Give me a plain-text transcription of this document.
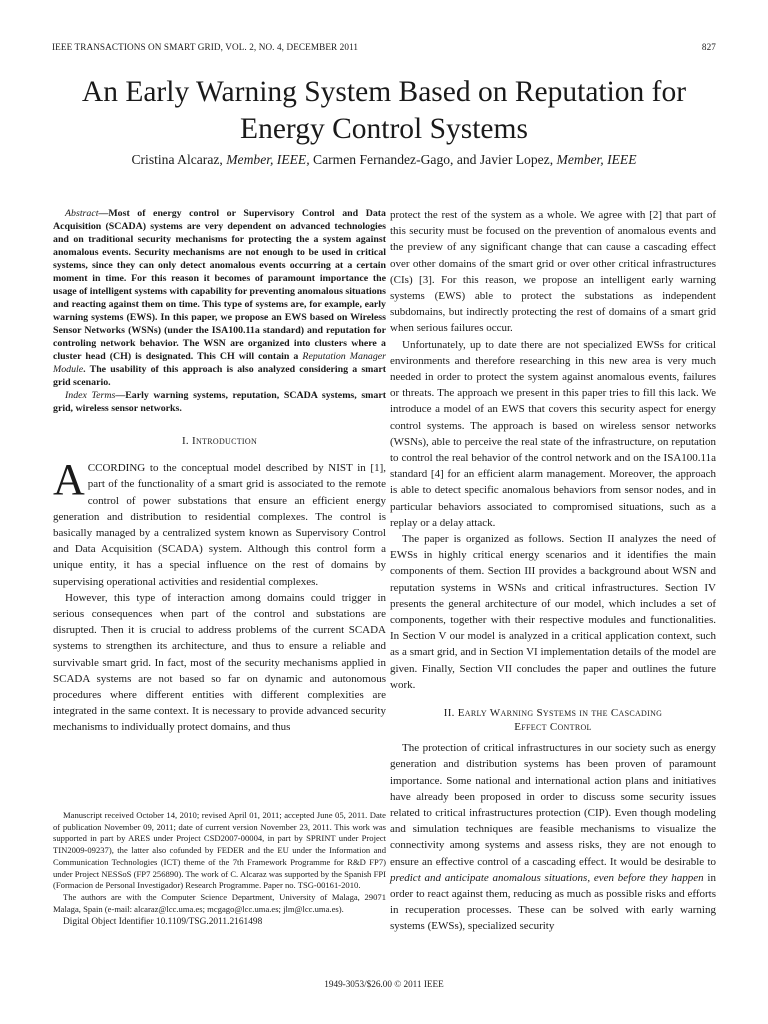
IEEE TRANSACTIONS ON SMART GRID, VOL. 2, NO. 4, DECEMBER 2011	827
An Early Warning System Based on Reputation for
Energy Control Systems

Cristina Alcaraz, Member, IEEE, Carmen Fernandez-Gago, and Javier Lopez, Member, IEEE

Abstract—Most of energy control or Supervisory Control and Data Acquisition (SCADA) systems are very dependent on advanced technologies and on traditional security mechanisms for protecting the a system against anomalous events. Security mechanisms are not enough to be used in critical systems, since they can only detect anomalous events occurring at a certain moment in time. For this reason it becomes of paramount importance the usage of intelligent systems with capability for preventing anomalous situations and reacting against them on time. This type of systems are, for example, early warning systems (EWS). In this paper, we propose an EWS based on Wireless Sensor Networks (WSNs) (under the ISA100.11a standard) and reputation for controling network behavior. The WSN are organized into clusters where a cluster head (CH) is designated. This CH will contain a Reputation Manager Module. The usability of this approach is also analyzed considering a smart grid scenario.

Index Terms—Early warning systems, reputation, SCADA systems, smart grid, wireless sensor networks.

I. Introduction

ACCORDING to the conceptual model described by NIST in [1], part of the functionality of a smart grid is associated to the remote control of power substations that ensure an efficient energy generation and distribution to residential complexes. The control is basically managed by a centralized system known as Supervisory Control and Data Acquisition (SCADA) system. Although this control form a unique entity, it has a special influence on the rest of domains by supervising operational activities and residential complexes.

However, this type of interaction among domains could trigger in serious consequences when part of the control and substations are disrupted. Then it is crucial to address problems of the current SCADA systems to strengthen its architecture, and thus to ensure a reliable and survivable smart grid. In fact, most of the security mechanisms applied in SCADA systems are not based so far on dynamic and autonomous procedures where different entities with different complexities are integrated in the same context. It is necessary to provide advanced security mechanisms to individually protect domains, and thus

Manuscript received October 14, 2010; revised April 01, 2011; accepted June 05, 2011. Date of publication November 09, 2011; date of current version November 23, 2011. This work was supported in part by ARES under Project CSD2007-00004, in part by SPRINT under Project TIN2009-09237), the latter also cofunded by FEDER and the EU under the Information and Communication Technologies (ICT) theme of the 7th Framework Programme for R&D FP7) under Project NESSoS (FP7 256890). The work of C. Alcaraz was supported by the Spanish FPI (Formacion de Personal Investigador) Research Programme. Paper no. TSG-00161-2010.

The authors are with the Computer Science Department, University of Malaga, 29071 Malaga, Spain (e-mail: alcaraz@lcc.uma.es; mcgago@lcc.uma.es; jlm@lcc.uma.es).

Digital Object Identifier 10.1109/TSG.2011.2161498

protect the rest of the system as a whole. We agree with [2] that part of this security must be focused on the prevention of anomalous events and the preview of any significant change that can cause a cascading effect over other domains of the smart grid or over other critical infrastructures (CIs) [3]. For this reason, we propose an intelligent early warning systems (EWS) able to protect the substations as independent subdomains, but indirectly protecting the rest of domains of a smart grid when serious failures occur.

Unfortunately, up to date there are not specialized EWSs for critical environments and therefore researching in this new area is very much needed in order to protect the system against anomalous events, failures or threats. The approach we present in this paper tries to fill this lack. We introduce a model of an EWS that covers this security aspect for energy control systems. The approach is based on wireless sensor networks (WSNs), able to perceive the real state of the infrastructure, on reputation to control the real behavior of the control network and on the ISA100.11a standard [4] for an efficient alarm management. Moreover, the approach is able to detect specific anomalous behaviors from sensor nodes, and in particular behaviors associated to compromised situations, such as a replay or a delay attack.

The paper is organized as follows. Section II analyzes the need of EWSs in highly critical energy scenarios and it identifies the main components of them. Section III provides a background about WSN and reputation systems in WSNs and critical infrastructures. Section IV presents the general architecture of our model, which includes a set of components, together with their respective modules and functionalities. In Section V our model is analyzed in a critical application context, such as a smart grid, and in Section VI implementation details of the model are given. Finally, Section VII concludes the paper and outlines the future work.

II. Early Warning Systems in the Cascading
Effect Control

The protection of critical infrastructures in our society such as energy generation and distribution systems has been proven of paramount importance. Some national and international action plans and initiatives have already been proposed in order to discuss some security issues related to critical infrastructures protection (CIP). Even though modeling and simulation techniques are feasible mechanisms to visualize the connectivity among systems and assess risks, they are not enough to ensure an effective control of a cascading effect. It would be desirable to predict and anticipate anomalous situations, even before they happen in order to react against them, reducing as much as possible risks and efforts in recuperation processes. These can be solved with early warning systems (EWSs), specialized security

1949-3053/$26.00 © 2011 IEEE
